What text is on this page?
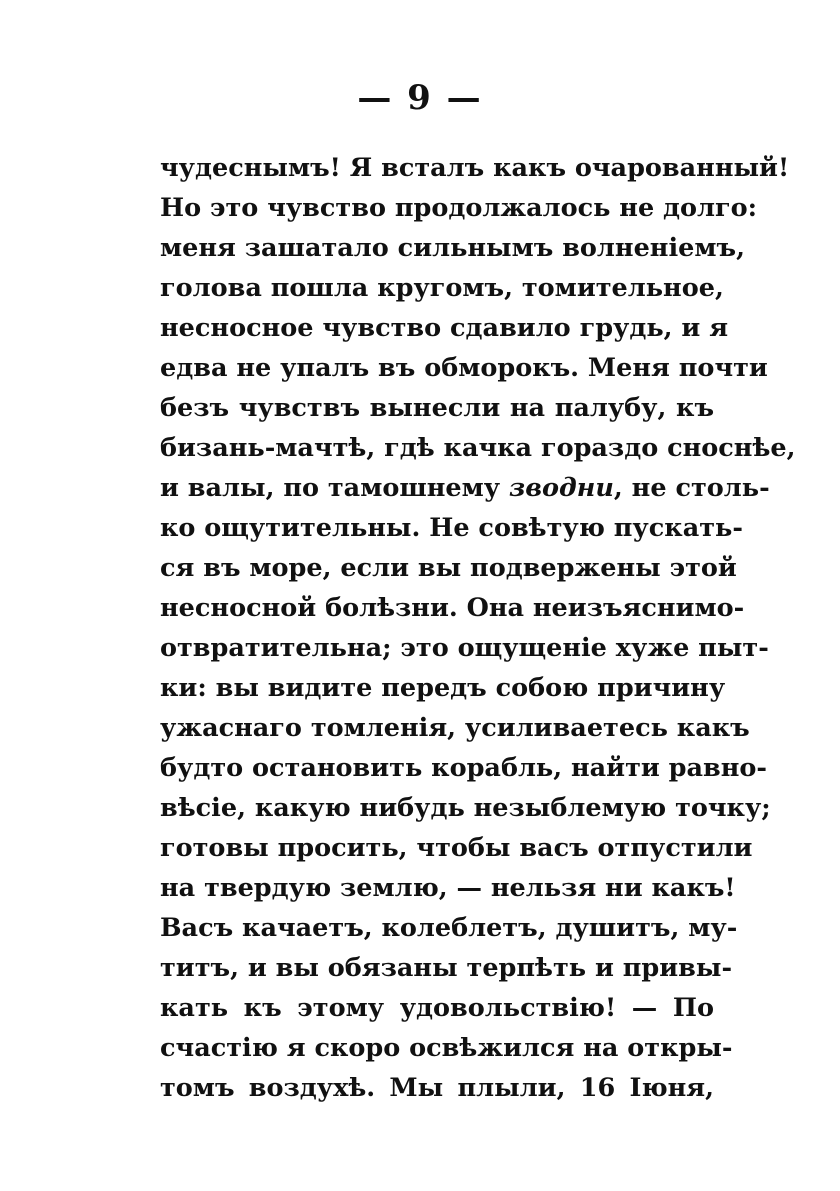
— 9 —
чудеснымъ! Я всталъ какъ очарованный!
Но это чувство продолжалось не долго:
меня зашатало сильнымъ волненіемъ,
голова пошла кругомъ, томительное,
несносное чувство сдавило грудь, и я
едва не упалъ въ обморокъ. Меня почти
безъ чувствъ вынесли на палубу, къ
бизань-мачтѣ, гдѣ качка гораздо сноснѣе,
и валы, по тамошнему зводни, не столь-
ко ощутительны. Не совѣтую пускать-
ся въ море, если вы подвержены этой
несносной болѣзни. Она неизъяснимо-
отвратительна; это ощущеніе хуже пыт-
ки: вы видите передъ собою причину
ужаснаго томленія, усиливаетесь какъ
будто остановить корабль, найти равно-
вѣсіе, какую нибудь незыблемую точку;
готовы просить, чтобы васъ отпустили
на твердую землю, — нельзя ни какъ!
Васъ качаетъ, колеблетъ, душитъ, му-
титъ, и вы обязаны терпѣть и привы-
кать къ этому удовольствію! — По
счастію я скоро освѣжился на откры-
томъ воздухѣ. Мы плыли, 16 Іюня,
